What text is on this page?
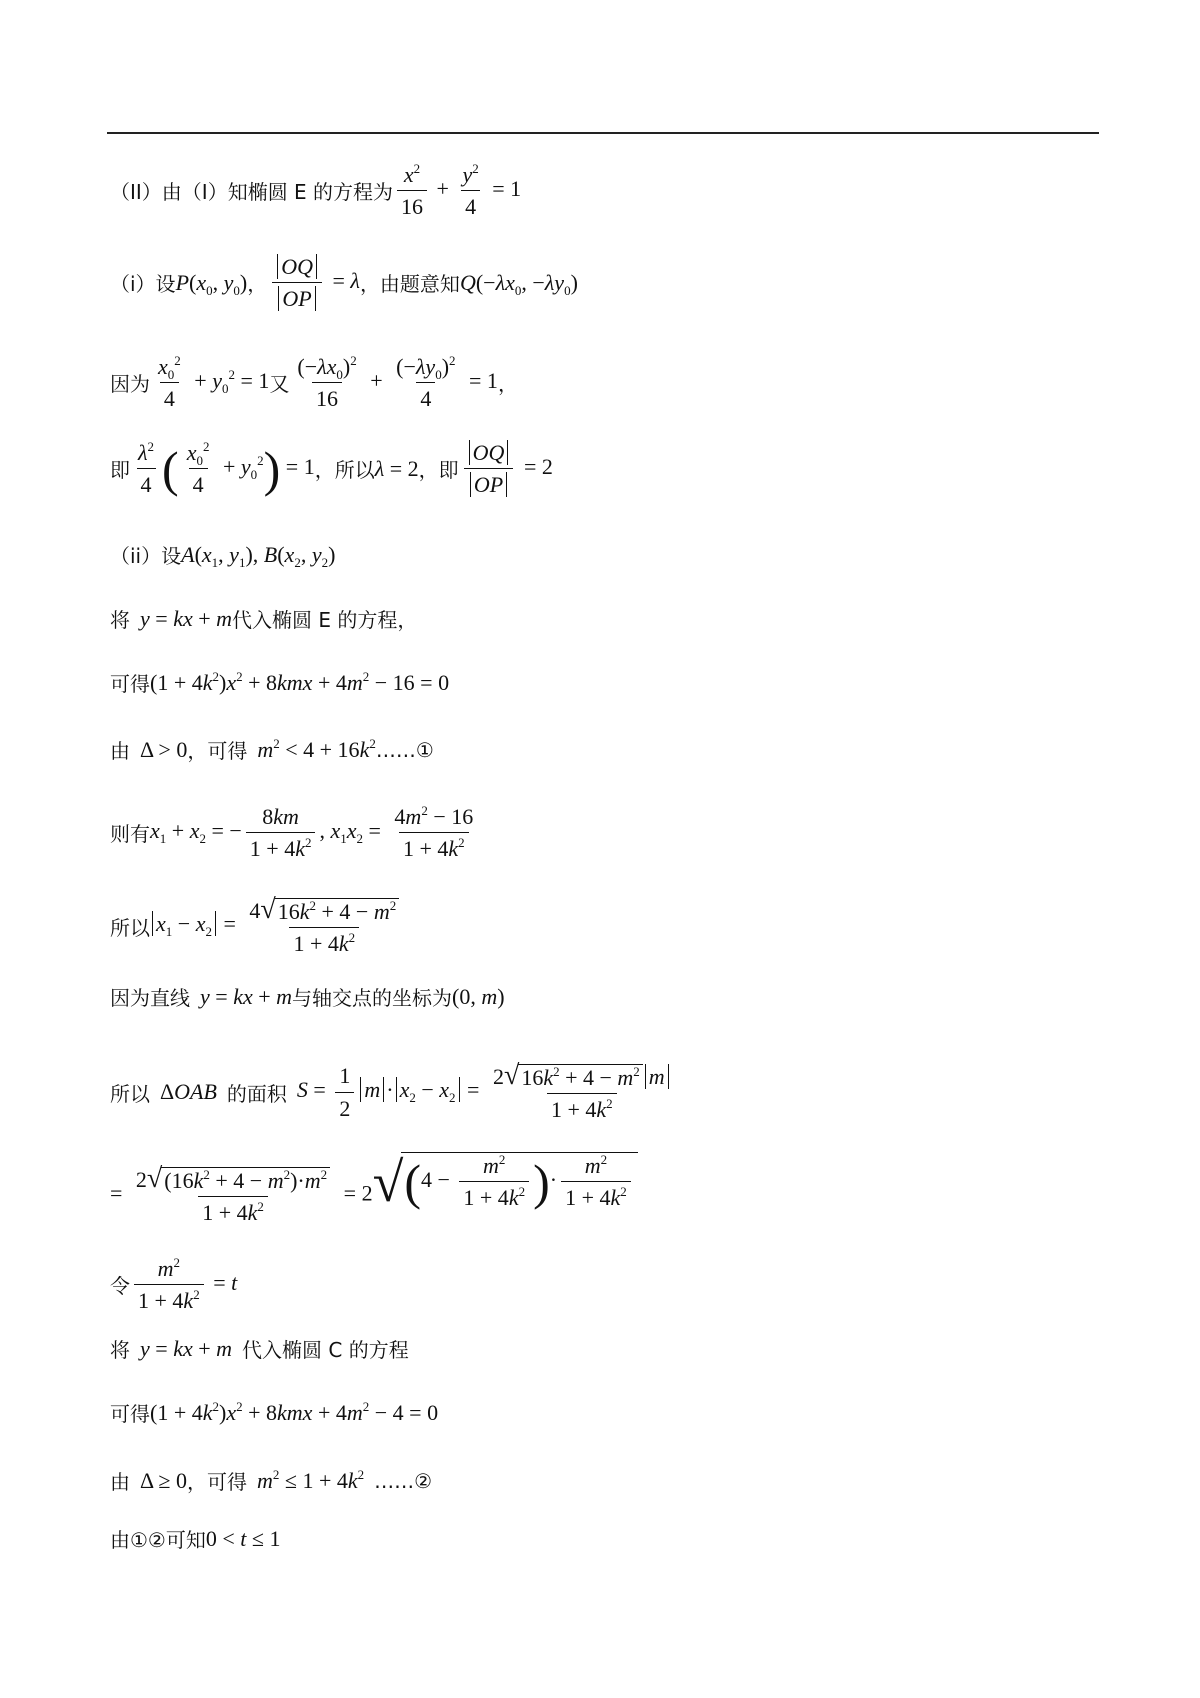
（II）由（I）知椭圆 E 的方程为 $\frac{x^2}{16} + \frac{y^2}{4} = 1$
（i）设 $P(x_0$, $y_0$) ， $\frac{OQ}{OP} = \lambda$ ，由题意知 $Q(-\lambda x_0$, $-\lambda y_0$)
因为 $\frac{x_0^2}{4} + y_0^2 = 1$ 又 $\frac{(-\lambda x_0)^2}{16} + \frac{(-\lambda y_0)^2}{4} = 1$ ，
即 $\frac{\lambda^2}{4}$ ( $\frac{x_0^2}{4} + y_0^2) = 1$ ，所以 λ = 2 ，即 $\frac{OQ}{OP} = 2$
（ii）设 $A(x_1$, $y_1$), $B(x_2$, $y_2$)
将 y = kx + m 代入椭圆 E 的方程，
可得 $(1 + 4k^2)x^2 + 8kmx + 4m^2 - 16 = 0$
由 Δ > 0 ，可得 $m^2 < 4 + 16k^2$ ……①
则有 $x_1 + x_2$ = − $\frac{8km}{1 + 4k^2}$ , $x_1x_2 = \frac{4m^2 - 16}{1 + 4k^2}$
所以 $x_1 - x_2 = \frac{4 √ 16k^2 + 4 - m^2}{1 + 4k^2}$
因为直线 y = kx + m 与轴交点的坐标为 (0, m)
所以 ΔOAB 的面积 $S = \frac{1}{2}$ $m \cdot x_2 - x_2 = \frac{2 √ 16k^2 + 4 - m^2 m}{1 + 4k^2}$
= $\frac{2 √ (16k^2 + 4 - m^2)\cdot m^2}{1 + 4k^2} = 2$ √ ($4 - \frac{m^2}{1 + 4k^2}$ )· $\frac{m^2}{1 + 4k^2}$
令 $\frac{m^2}{1 + 4k^2} = t$
将 y = kx + m 代入椭圆 C 的方程
可得 $(1 + 4k^2)x^2 + 8kmx + 4m^2 - 4 = 0$
由 Δ ≥ 0 ，可得 $m^2 \le 1 + 4k^2$ ……②
由①②可知 0 < t ≤ 1
